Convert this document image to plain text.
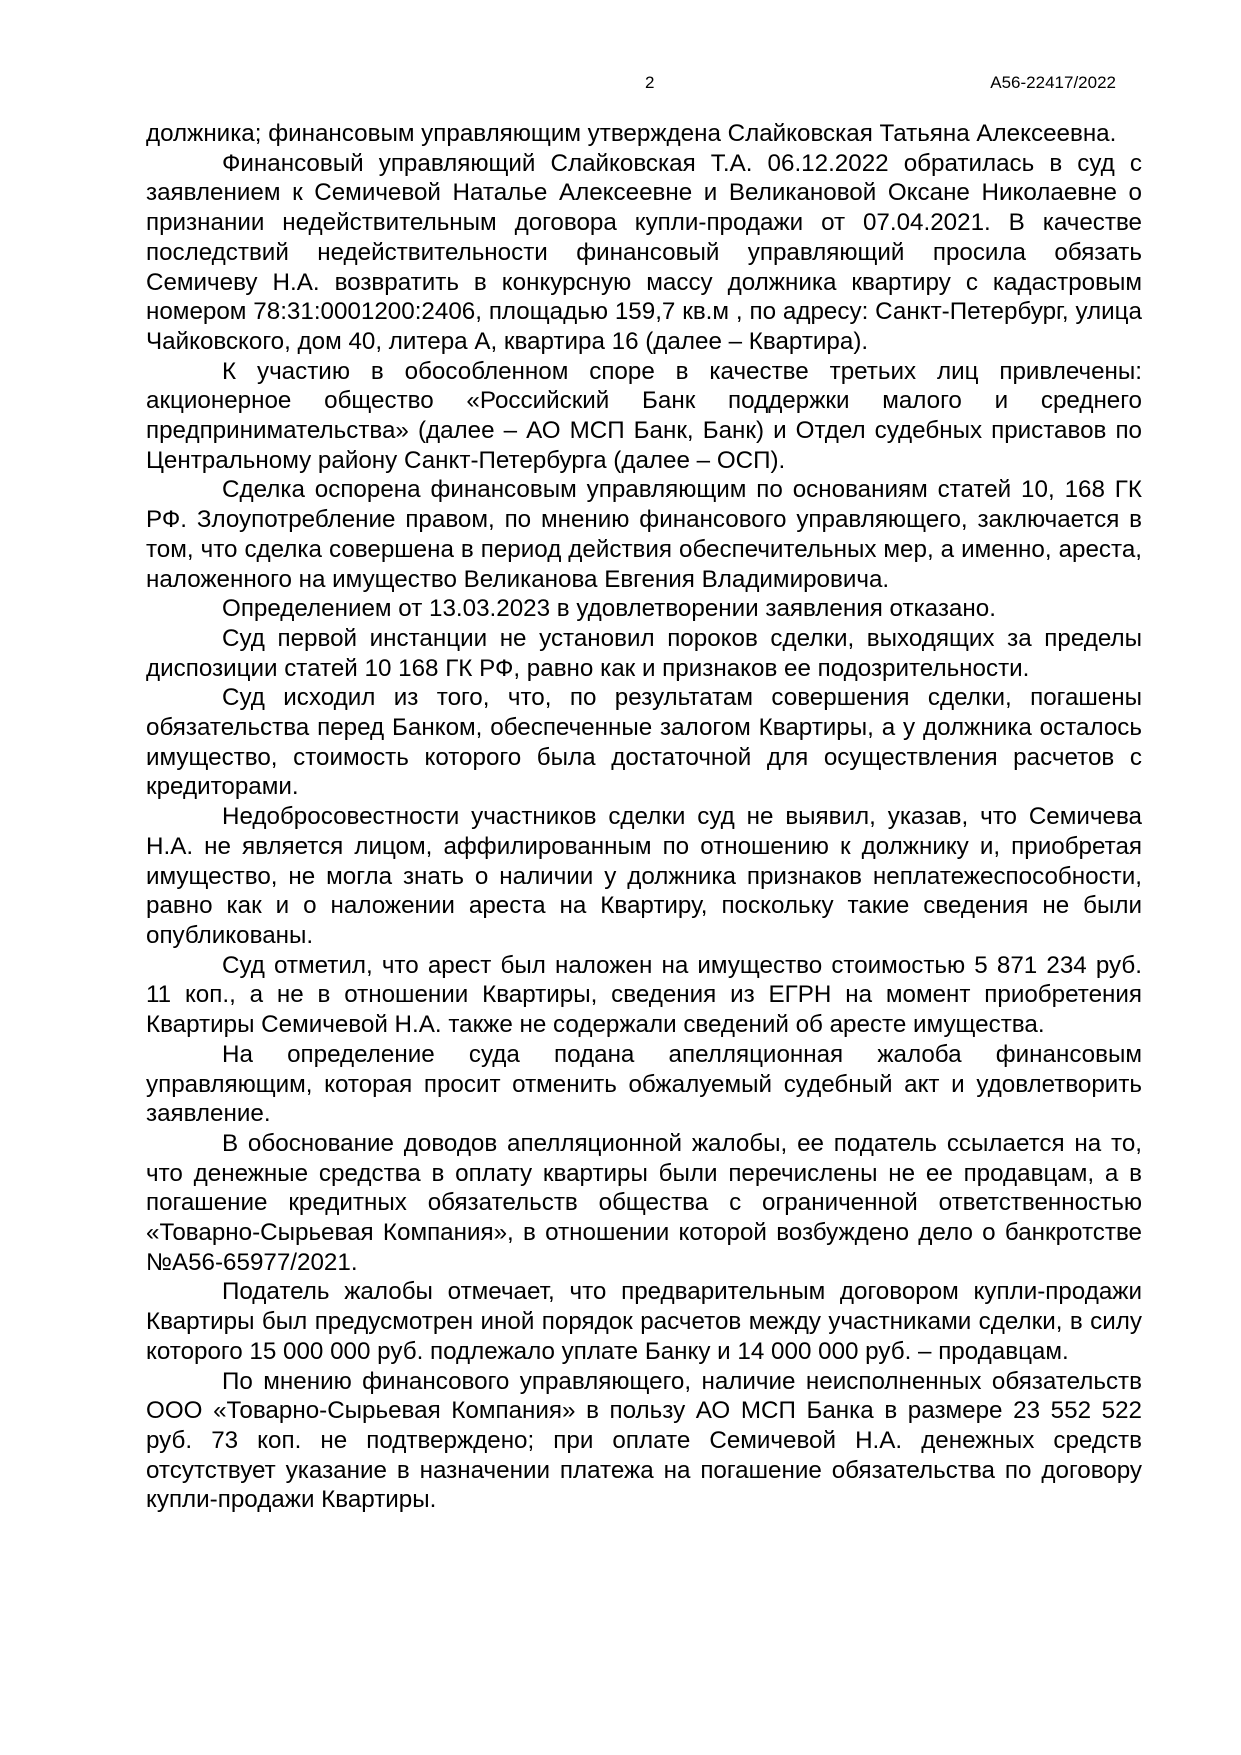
2	А56-22417/2022

должника; финансовым управляющим утверждена Слайковская Татьяна Алексеевна.

Финансовый управляющий Слайковская Т.А. 06.12.2022 обратилась в суд с заявлением к Семичевой Наталье Алексеевне и Великановой Оксане Николаевне о признании недействительным договора купли-продажи от 07.04.2021. В качестве последствий недействительности финансовый управляющий просила обязать Семичеву Н.А. возвратить в конкурсную массу должника квартиру с кадастровым номером 78:31:0001200:2406, площадью 159,7 кв.м , по адресу: Санкт-Петербург, улица Чайковского, дом 40, литера А, квартира 16 (далее – Квартира).

К участию в обособленном споре в качестве третьих лиц привлечены: акционерное общество «Российский Банк поддержки малого и среднего предпринимательства» (далее – АО МСП Банк, Банк) и Отдел судебных приставов по Центральному району Санкт-Петербурга (далее – ОСП).

Сделка оспорена финансовым управляющим по основаниям статей 10, 168 ГК РФ. Злоупотребление правом, по мнению финансового управляющего, заключается в том, что сделка совершена в период действия обеспечительных мер, а именно, ареста, наложенного на имущество Великанова Евгения Владимировича.

Определением от 13.03.2023 в удовлетворении заявления отказано.

Суд первой инстанции не установил пороков сделки, выходящих за пределы диспозиции статей 10 168 ГК РФ, равно как и признаков ее подозрительности.

Суд исходил из того, что, по результатам совершения сделки, погашены обязательства перед Банком, обеспеченные залогом Квартиры, а у должника осталось имущество, стоимость которого была достаточной для осуществления расчетов с кредиторами.

Недобросовестности участников сделки суд не выявил, указав, что Семичева Н.А. не является лицом, аффилированным по отношению к должнику и, приобретая имущество, не могла знать о наличии у должника признаков неплатежеспособности, равно как и о наложении ареста на Квартиру, поскольку такие сведения не были опубликованы.

Суд отметил, что арест был наложен на имущество стоимостью 5 871 234 руб. 11 коп., а не в отношении Квартиры, сведения из ЕГРН на момент приобретения Квартиры Семичевой Н.А. также не содержали сведений об аресте имущества.

На определение суда подана апелляционная жалоба финансовым управляющим, которая просит отменить обжалуемый судебный акт и удовлетворить заявление.

В обоснование доводов апелляционной жалобы, ее податель ссылается на то, что денежные средства в оплату квартиры были перечислены не ее продавцам, а в погашение кредитных обязательств общества с ограниченной ответственностью «Товарно-Сырьевая Компания», в отношении которой возбуждено дело о банкротстве №А56-65977/2021.

Податель жалобы отмечает, что предварительным договором купли-продажи Квартиры был предусмотрен иной порядок расчетов между участниками сделки, в силу которого 15 000 000 руб. подлежало уплате Банку и 14 000 000 руб. – продавцам.

По мнению финансового управляющего, наличие неисполненных обязательств ООО «Товарно-Сырьевая Компания» в пользу АО МСП Банка в размере 23 552 522 руб. 73 коп. не подтверждено; при оплате Семичевой Н.А. денежных средств отсутствует указание в назначении платежа на погашение обязательства по договору купли-продажи Квартиры.
